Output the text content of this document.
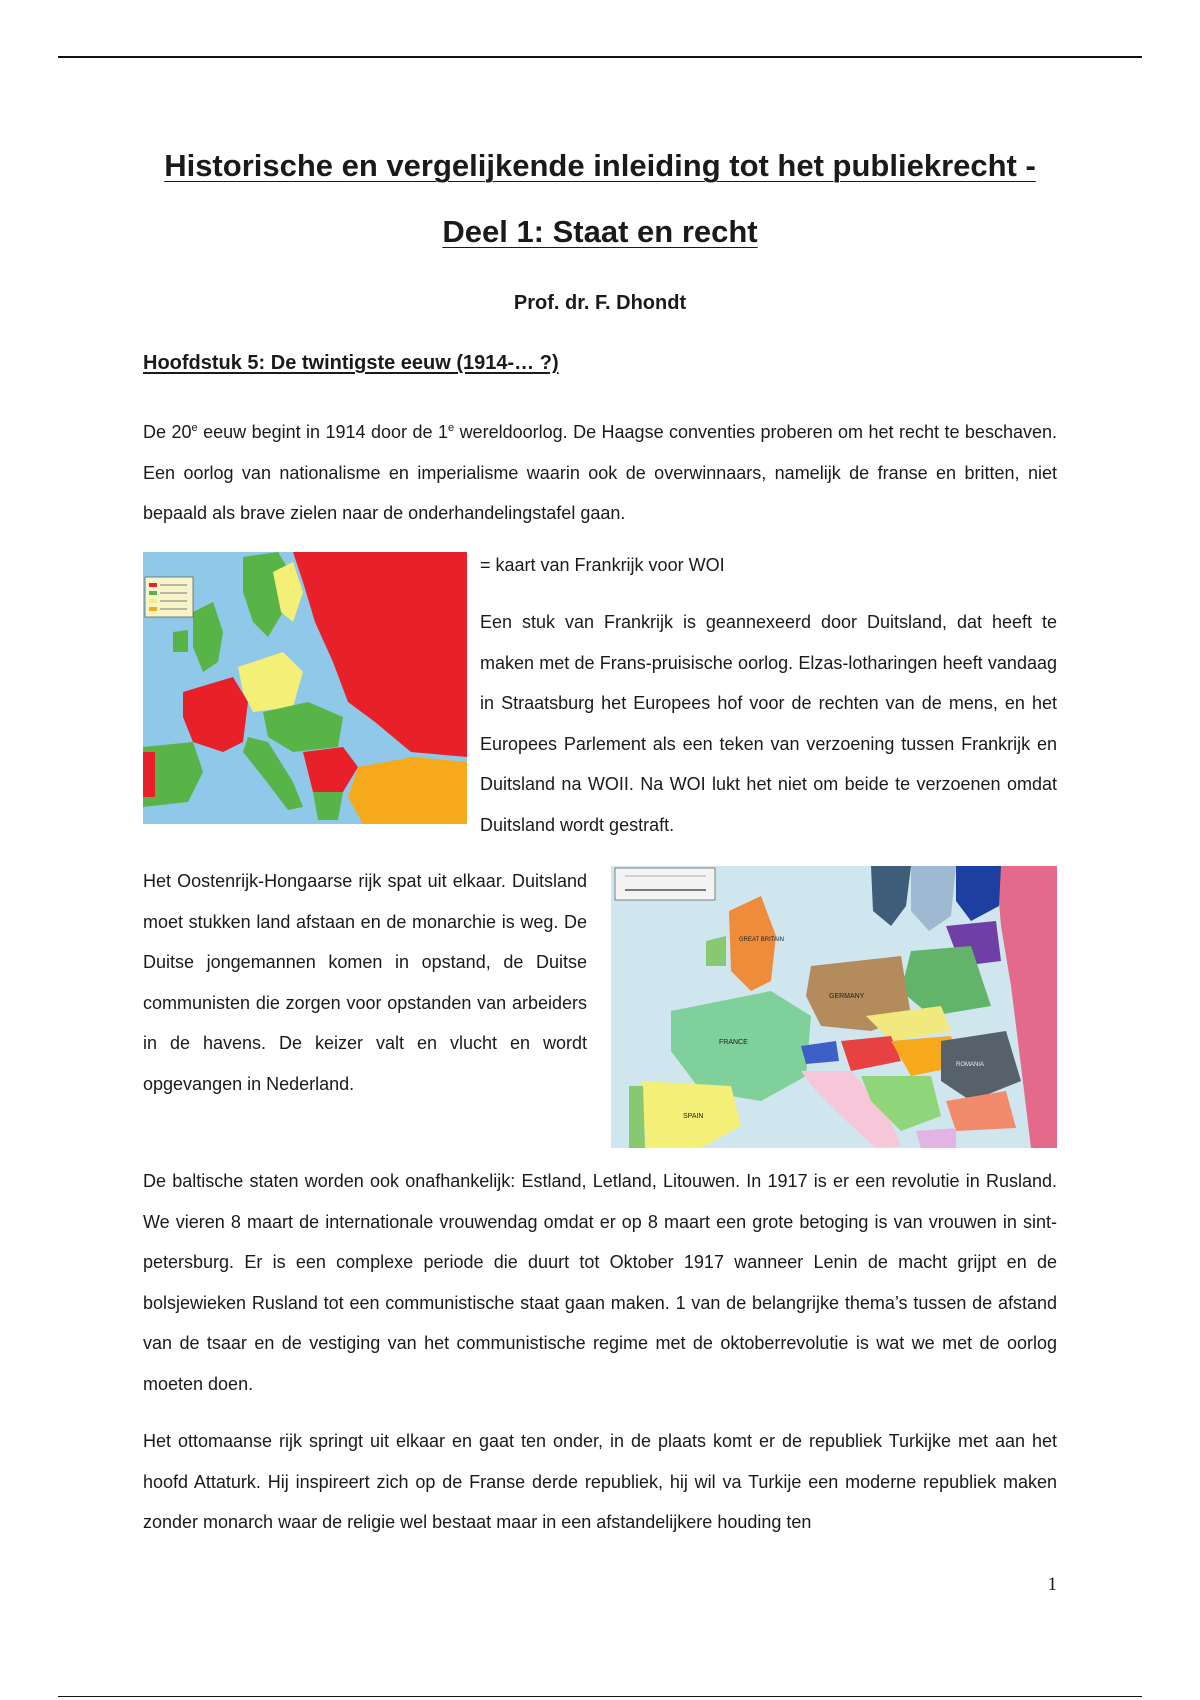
Historische en vergelijkende inleiding tot het publiekrecht -
Deel 1: Staat en recht
Prof. dr. F. Dhondt
Hoofdstuk 5: De twintigste eeuw (1914-… ?)

De 20e eeuw begint in 1914 door de 1e wereldoorlog. De Haagse conventies proberen om het recht te beschaven. Een oorlog van nationalisme en imperialisme waarin ook de overwinnaars, namelijk de franse en britten, niet bepaald als brave zielen naar de onderhandelingstafel gaan.

= kaart van Frankrijk voor WOI

Een stuk van Frankrijk is geannexeerd door Duitsland, dat heeft te maken met de Frans-pruisische oorlog. Elzas-lotharingen heeft vandaag in Straatsburg het Europees hof voor de rechten van de mens, en het Europees Parlement als een teken van verzoening tussen Frankrijk en Duitsland na WOII. Na WOI lukt het niet om beide te verzoenen omdat Duitsland wordt gestraft.

Het Oostenrijk-Hongaarse rijk spat uit elkaar. Duitsland moet stukken land afstaan en de monarchie is weg. De Duitse jongemannen komen in opstand, de Duitse communisten die zorgen voor opstanden van arbeiders in de havens. De keizer valt en vlucht en wordt opgevangen in Nederland.

GREAT BRITAIN
GERMANY
FRANCE
SPAIN
ROMANIA

De baltische staten worden ook onafhankelijk: Estland, Letland, Litouwen. In 1917 is er een revolutie in Rusland. We vieren 8 maart de internationale vrouwendag omdat er op 8 maart een grote betoging is van vrouwen in sint-petersburg. Er is een complexe periode die duurt tot Oktober 1917 wanneer Lenin de macht grijpt en de bolsjewieken Rusland tot een communistische staat gaan maken. 1 van de belangrijke thema’s tussen de afstand van de tsaar en de vestiging van het communistische regime met de oktoberrevolutie is wat we met de oorlog moeten doen.

Het ottomaanse rijk springt uit elkaar en gaat ten onder, in de plaats komt er de republiek Turkijke met aan het hoofd Attaturk. Hij inspireert zich op de Franse derde republiek, hij wil va Turkije een moderne republiek maken zonder monarch waar de religie wel bestaat maar in een afstandelijkere houding ten

1
